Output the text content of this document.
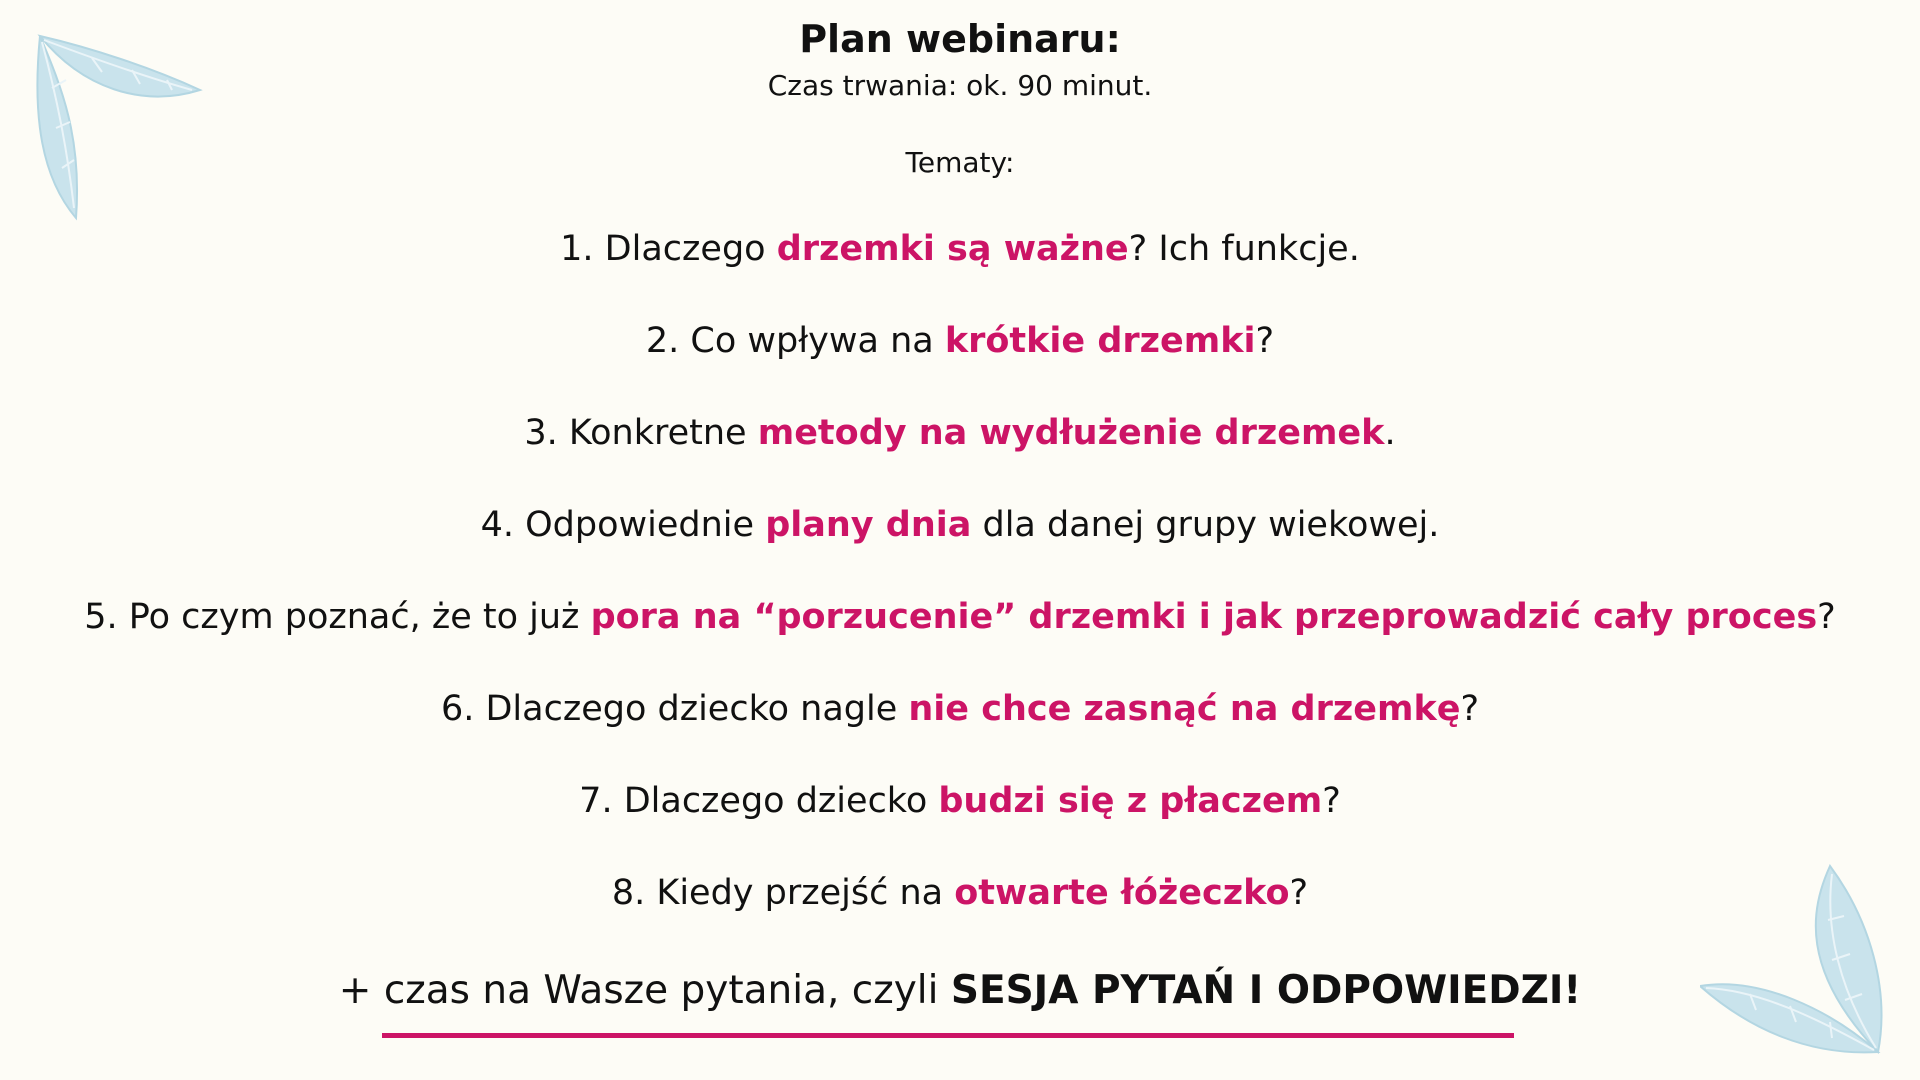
Plan webinaru:
Czas trwania: ok. 90 minut.
Tematy:
1. Dlaczego drzemki są ważne? Ich funkcje.
2. Co wpływa na krótkie drzemki?
3. Konkretne metody na wydłużenie drzemek.
4. Odpowiednie plany dnia dla danej grupy wiekowej.
5. Po czym poznać, że to już pora na “porzucenie” drzemki i jak przeprowadzić cały proces?
6. Dlaczego dziecko nagle nie chce zasnąć na drzemkę?
7. Dlaczego dziecko budzi się z płaczem?
8. Kiedy przejść na otwarte łóżeczko?
+ czas na Wasze pytania, czyli SESJA PYTAŃ I ODPOWIEDZI!
